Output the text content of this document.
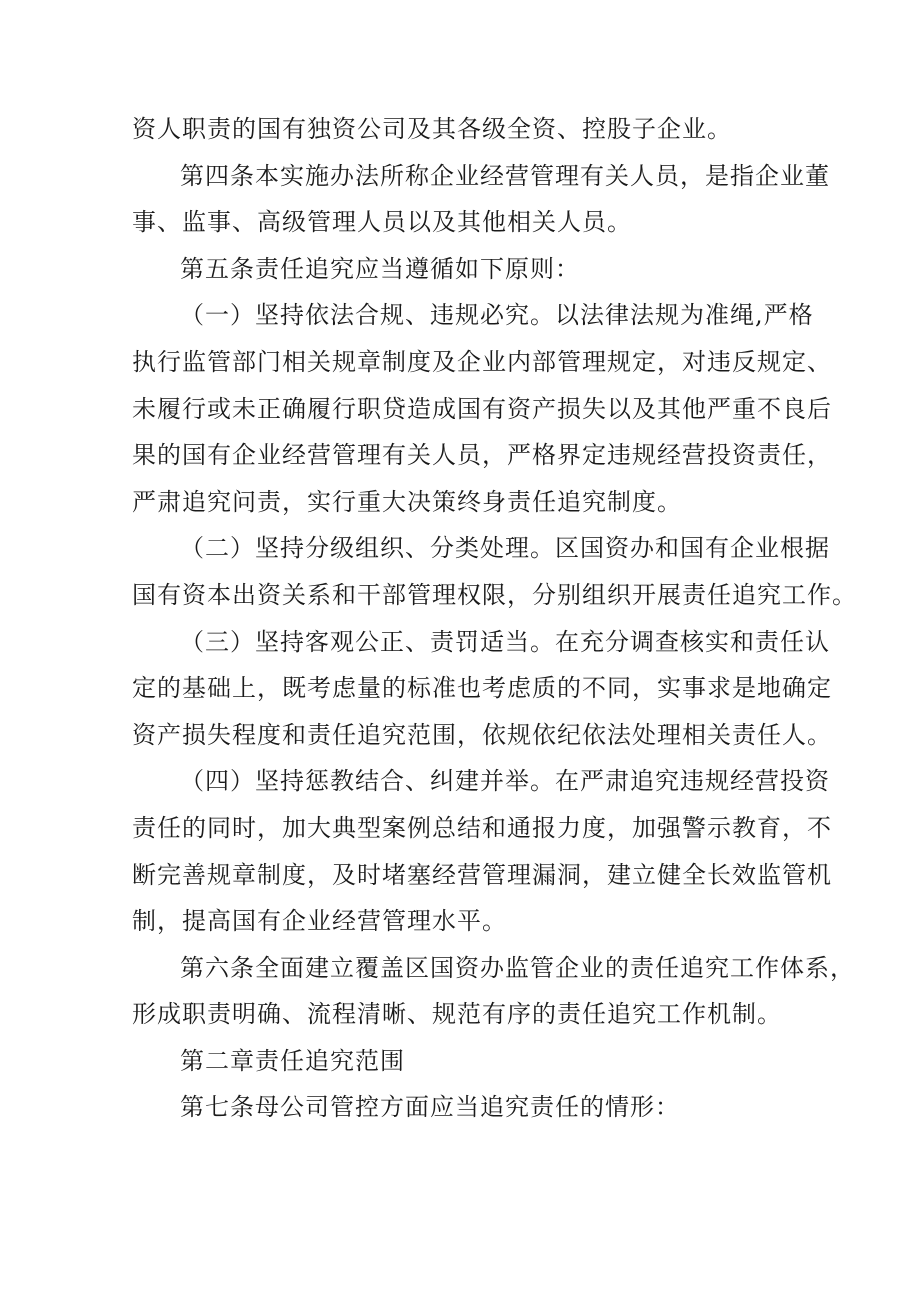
资人职责的国有独资公司及其各级全资、控股子企业。

第四条本实施办法所称企业经营管理有关人员，是指企业董

事、监事、高级管理人员以及其他相关人员。

第五条责任追究应当遵循如下原则：

（一）坚持依法合规、违规必究。以法律法规为准绳,严格

执行监管部门相关规章制度及企业内部管理规定，对违反规定、

未履行或未正确履行职贷造成国有资产损失以及其他严重不良后

果的国有企业经营管理有关人员，严格界定违规经营投资责任，

严肃追究问责，实行重大决策终身责任追究制度。

（二）坚持分级组织、分类处理。区国资办和国有企业根据

国有资本出资关系和干部管理权限，分别组织开展责任追究工作。

（三）坚持客观公正、责罚适当。在充分调查核实和责任认

定的基础上，既考虑量的标准也考虑质的不同，实事求是地确定

资产损失程度和责任追究范围，依规依纪依法处理相关责任人。

（四）坚持惩教结合、纠建并举。在严肃追究违规经营投资

责任的同时，加大典型案例总结和通报力度，加强警示教育，不

断完善规章制度，及时堵塞经营管理漏洞，建立健全长效监管机

制，提高国有企业经营管理水平。

第六条全面建立覆盖区国资办监管企业的责任追究工作体系，

形成职责明确、流程清晰、规范有序的责任追究工作机制。

第二章责任追究范围

第七条母公司管控方面应当追究责任的情形：
